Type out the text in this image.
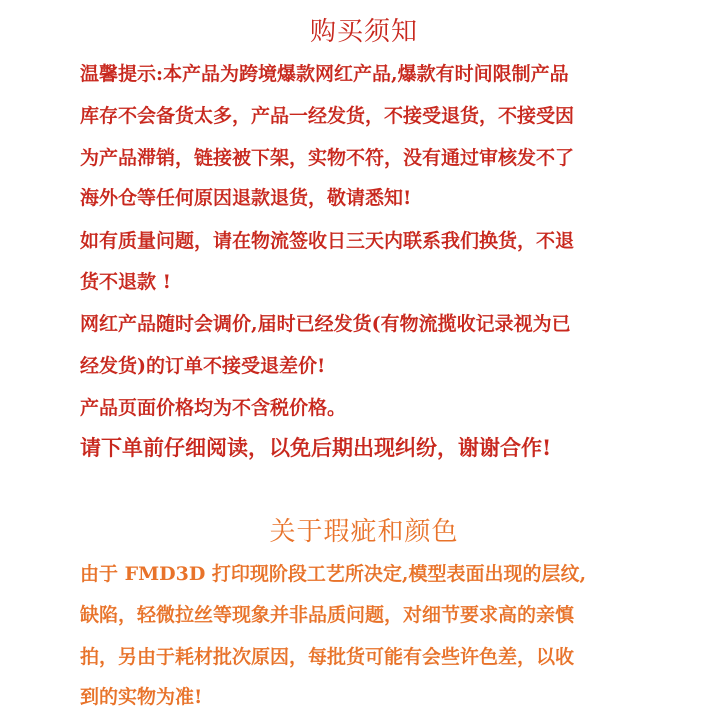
购买须知
温馨提示:本产品为跨境爆款网红产品,爆款有时间限制产品
库存不会备货太多，产品一经发货，不接受退货，不接受因
为产品滞销，链接被下架，实物不符，没有通过审核发不了
海外仓等任何原因退款退货，敬请悉知!
如有质量问题，请在物流签收日三天内联系我们换货，不退
货不退款 !
网红产品随时会调价,届时已经发货(有物流揽收记录视为已
经发货)的订单不接受退差价!
产品页面价格均为不含税价格。
请下单前仔细阅读，以免后期出现纠纷，谢谢合作!
关于瑕疵和颜色
由于 FMD3D 打印现阶段工艺所决定,模型表面出现的层纹,
缺陷，轻微拉丝等现象并非品质问题，对细节要求高的亲慎
拍，另由于耗材批次原因，每批货可能有会些许色差，以收
到的实物为准!
